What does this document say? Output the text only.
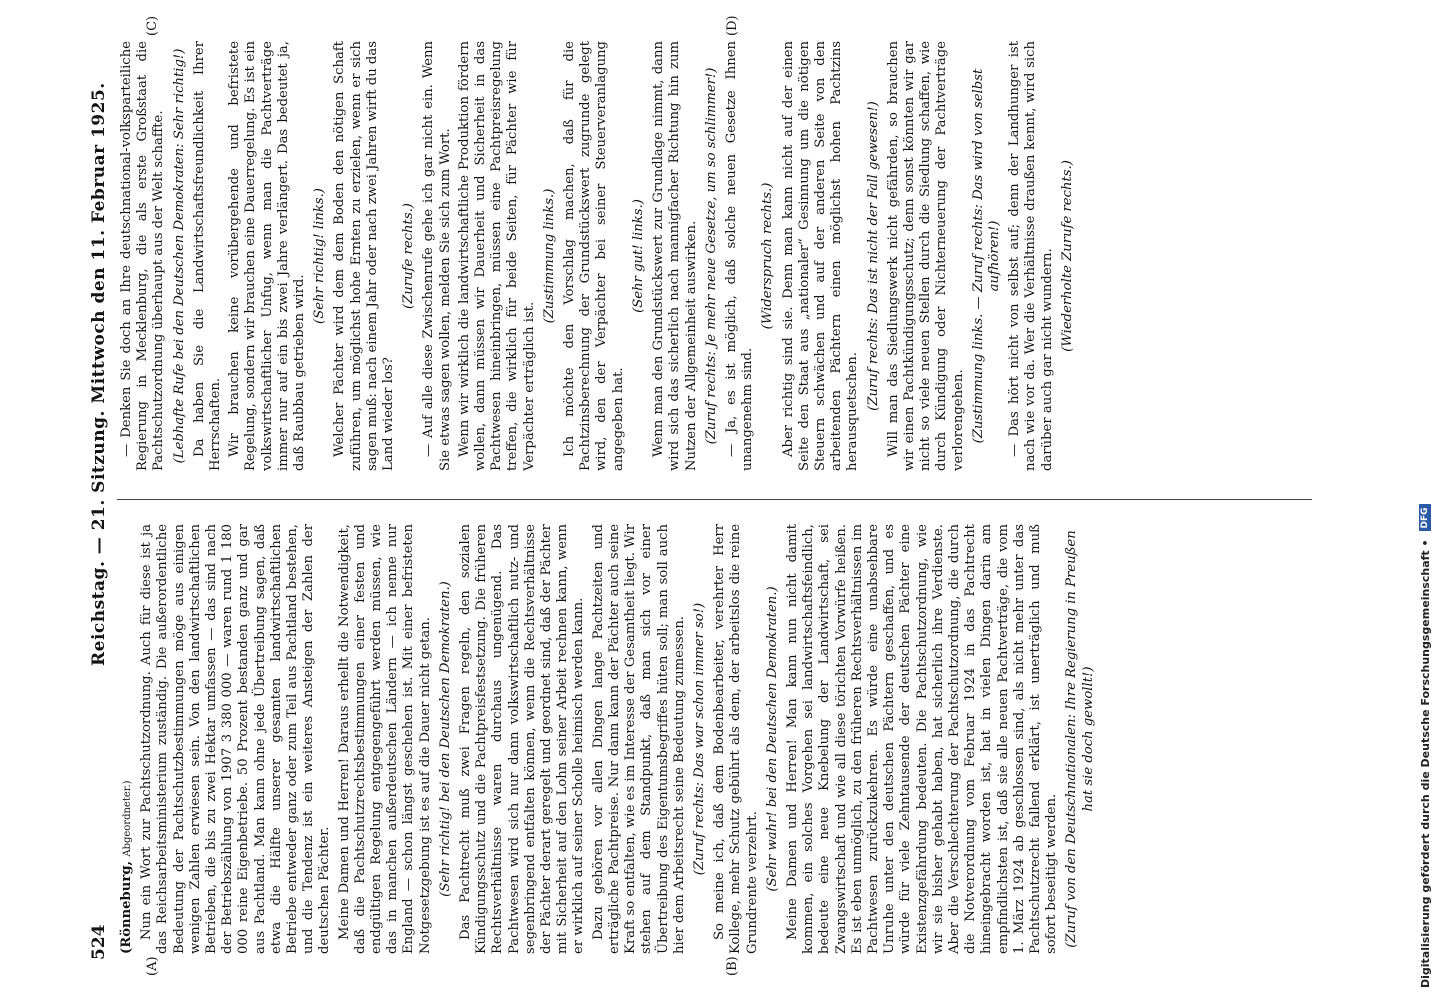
524
Reichstag. — 21. Sitzung. Mittwoch den 11. Februar 1925.

(Rönneburg, Abgeordneter.) Nun ein Wort zur Pachtschutzordnung. Auch für diese ist ja das Reichsarbeitsministerium zuständig. Die außerordentliche Bedeutung der Pachtschutzbestimmungen möge aus einigen wenigen Zahlen erwiesen sein. Von den landwirtschaftlichen Betrieben, die bis zu zwei Hektar umfassen — das sind nach der Betriebszählung von 1907 3 380 000 — waren rund 1 180 000 reine Eigenbetriebe. 50 Prozent bestanden ganz und gar aus Pachtland. Man kann ohne jede Übertreibung sagen, daß etwa die Hälfte unserer gesamten landwirtschaftlichen Betriebe entweder ganz oder zum Teil aus Pachtland bestehen, und die Tendenz ist ein weiteres Ansteigen der Zahlen der deutschen Pächter. Meine Damen und Herren! Daraus erhellt die Notwendigkeit, daß die Pachtschutzrechtsbestimmungen einer festen und endgültigen Regelung entgegengeführt werden müssen, wie das in manchen außerdeutschen Ländern — ich nenne nur England — schon längst geschehen ist. Mit einer befristeten Notgesetzgebung ist es auf die Dauer nicht getan. (Sehr richtig! bei den Deutschen Demokraten.) Das Pachtrecht muß zwei Fragen regeln, den sozialen Kündigungsschutz und die Pachtpreisfestsetzung. Die früheren Rechtsverhältnisse waren durchaus ungenügend. Das Pachtwesen wird sich nur dann volkswirtschaftlich nutz- und segenbringend entfalten können, wenn die Rechtsverhältnisse der Pächter derart geregelt und geordnet sind, daß der Pächter mit Sicherheit auf den Lohn seiner Arbeit rechnen kann, wenn er wirklich auf seiner Scholle heimisch werden kann. Dazu gehören vor allen Dingen lange Pachtzeiten und erträgliche Pachtpreise. Nur dann kann der Pächter auch seine Kraft so entfalten, wie es im Interesse der Gesamtheit liegt. Wir stehen auf dem Standpunkt, daß man sich vor einer Übertreibung des Eigentumsbegriffes hüten soll; man soll auch hier dem Arbeitsrecht seine Bedeutung zumessen. (Zuruf rechts: Das war schon immer so!) So meine ich, daß dem Bodenbearbeiter, verehrter Herr Kollege, mehr Schutz gebührt als dem, der arbeitslos die reine Grundrente verzehrt. (Sehr wahr! bei den Deutschen Demokraten.) Meine Damen und Herren! Man kann nun nicht damit kommen, ein solches Vorgehen sei landwirtschaftsfeindlich, bedeute eine neue Knebelung der Landwirtschaft, sei Zwangswirtschaft und wie all diese törichten Vorwürfe heißen. Es ist eben unmöglich, zu den früheren Rechtsverhältnissen im Pachtwesen zurückzukehren. Es würde eine unabsehbare Unruhe unter den deutschen Pächtern geschaffen, und es würde für viele Zehntausende der deutschen Pächter eine Existenzgefährdung bedeuten. Die Pachtschutzordnung, wie wir sie bisher gehabt haben, hat sicherlich ihre Verdienste. Aber die Verschlechterung der Pachtschutzordnung, die durch die Notverordnung vom Februar 1924 in das Pachtrecht hineingebracht worden ist, hat in vielen Dingen darin am empfindlichsten ist, daß sie alle neuen Pachtverträge, die vom 1. März 1924 ab geschlossen sind, als nicht mehr unter das Pachtschutzrecht fallend erklärt, ist unerträglich und muß sofort beseitigt werden. (Zuruf von den Deutschnationalen: Ihre Regierung in Preußen hat sie doch gewollt!)

— Denken Sie doch an Ihre deutschnational-volksparteiliche Regierung in Mecklenburg, die als erste Großstaat die Pachtschutzordnung überhaupt aus der Welt schaffte. (Lebhafte Rufe bei den Deutschen Demokraten: Sehr richtig!) Da haben Sie die Landwirtschaftsfreundlichkeit Ihrer Herrschaften. Wir brauchen keine vorübergehende und befristete Regelung, sondern wir brauchen eine Dauerregelung. Es ist ein volkswirtschaftlicher Unfug, wenn man die Pachtverträge immer nur auf ein bis zwei Jahre verlängert. Das bedeutet ja, daß Raubbau getrieben wird.

(Sehr richtig! links.) Welcher Pächter wird dem dem Boden den nötigen Schaft zuführen, um möglichst hohe Ernten zu erzielen, wenn er sich sagen muß: nach einem Jahr oder nach zwei Jahren wirft du das Land wieder los?

(Zurufe rechts.) — Auf alle diese Zwischenrufe gehe ich gar nicht ein. Wenn Sie etwas sagen wollen, melden Sie sich zum Wort. Wenn wir wirklich die landwirtschaftliche Produktion fördern wollen, dann müssen wir Dauerheit und Sicherheit in das Pachtwesen hineinbringen, müssen eine Pachtpreisregelung treffen, die wirklich für beide Seiten, für Pächter wie für Verpächter erträglich ist.

(Zustimmung links.) Ich möchte den Vorschlag machen, daß für die Pachtzinsberechnung der Grundstückswert zugrunde gelegt wird, den der Verpächter bei seiner Steuerveranlagung angegeben hat.

(Sehr gut! links.) Wenn man den Grundstückswert zur Grundlage nimmt, dann wird sich das sicherlich nach mannigfacher Richtung hin zum Nutzen der Allgemeinheit auswirken. (Zuruf rechts: Je mehr neue Gesetze, um so schlimmer!) — Ja, es ist möglich, daß solche neuen Gesetze Ihnen unangenehm sind.

(Widerspruch rechts.) Aber richtig sind sie. Denn man kann nicht auf der einen Seite den Staat aus „nationaler“ Gesinnung um die nötigen Steuern schwächen und auf der anderen Seite von den arbeitenden Pächtern einen möglichst hohen Pachtzins herausquetschen.

(Zuruf rechts: Das ist nicht der Fall gewesen!) Will man das Siedlungswerk nicht gefährden, so brauchen wir einen Pachtkündigungsschutz; denn sonst könnten wir gar nicht so viele neuen Stellen durch die Siedlung schaffen, wie durch Kündigung oder Nichterneuerung der Pachtverträge verlorengehen. (Zustimmung links. — Zuruf rechts: Das wird von selbst aufhören!) — Das hört nicht von selbst auf; denn der Landhunger ist nach wie vor da. Wer die Verhältnisse draußen kennt, wird sich darüber auch gar nicht wundern. (Wiederholte Zurufe rechts.)

(A)	(B)
(C)	(D)
Digitalisierung gefördert durch die Deutsche Forschungsgemeinschaft •
DFG
